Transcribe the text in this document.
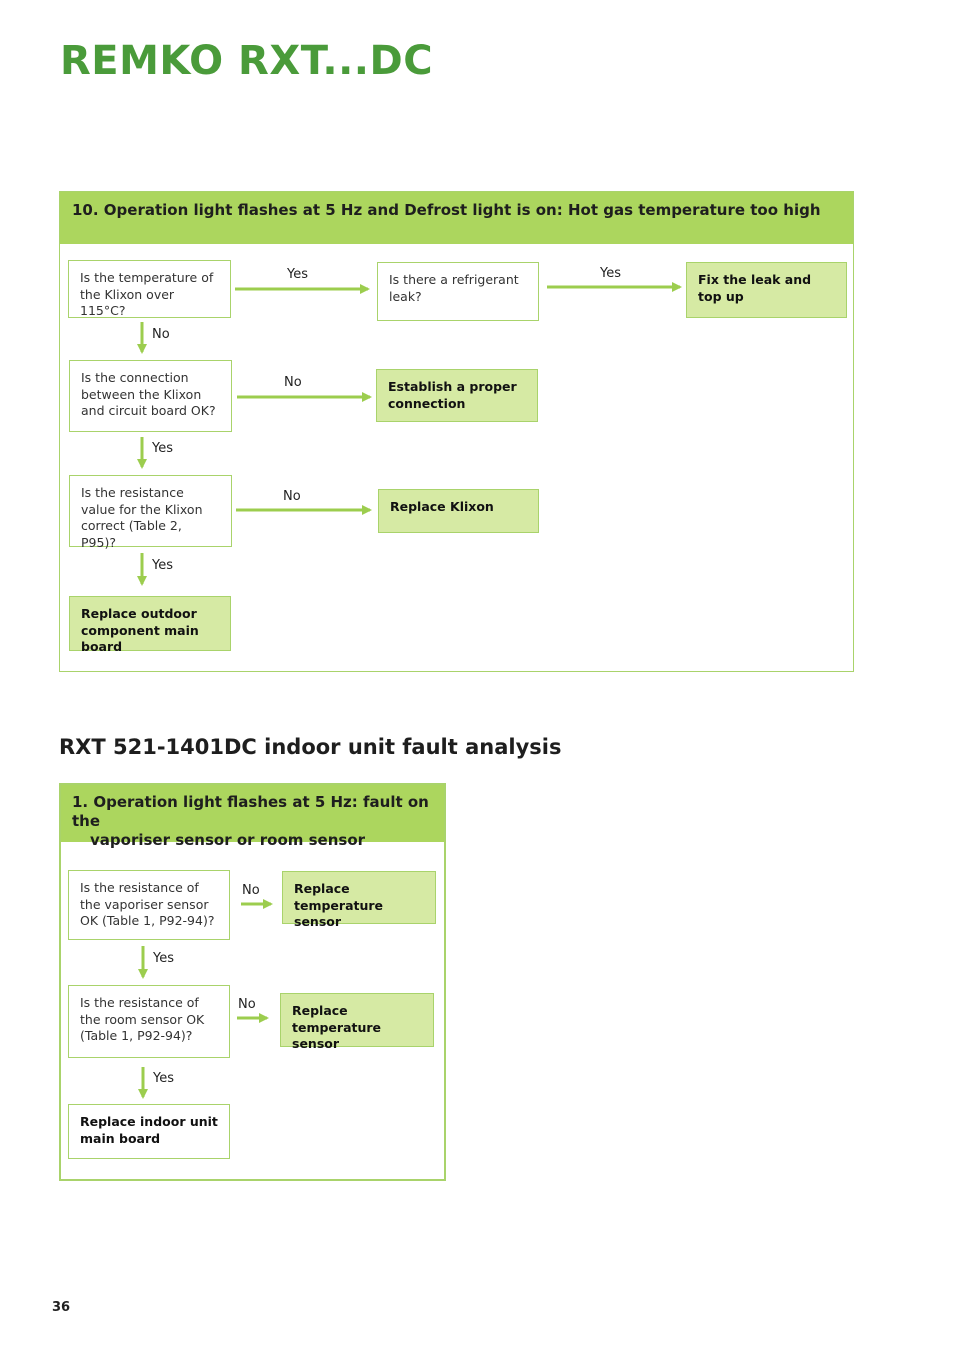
REMKO RXT...DC
10. Operation light flashes at 5 Hz and Defrost light is on: Hot gas temperature too high
Is the temperature of the Klixon over 115°C?
Is there a refrigerant leak?
Fix the leak and top up
Is the connection between the Klixon and circuit board OK?
Establish a proper connection
Is the resistance value for the Klixon correct (Table 2, P95)?
Replace Klixon
Replace outdoor component main board
Yes	Yes
No
No
Yes
No
Yes
RXT 521-1401DC indoor unit fault analysis
1. Operation light flashes at 5 Hz: fault on the
vaporiser sensor or room sensor
Is the resistance of the vaporiser sensor OK (Table 1, P92-94)?
Replace temperature sensor
Is the resistance of the room sensor OK (Table 1, P92-94)?
Replace temperature sensor
Replace indoor unit main board
No
Yes
No
Yes
36
